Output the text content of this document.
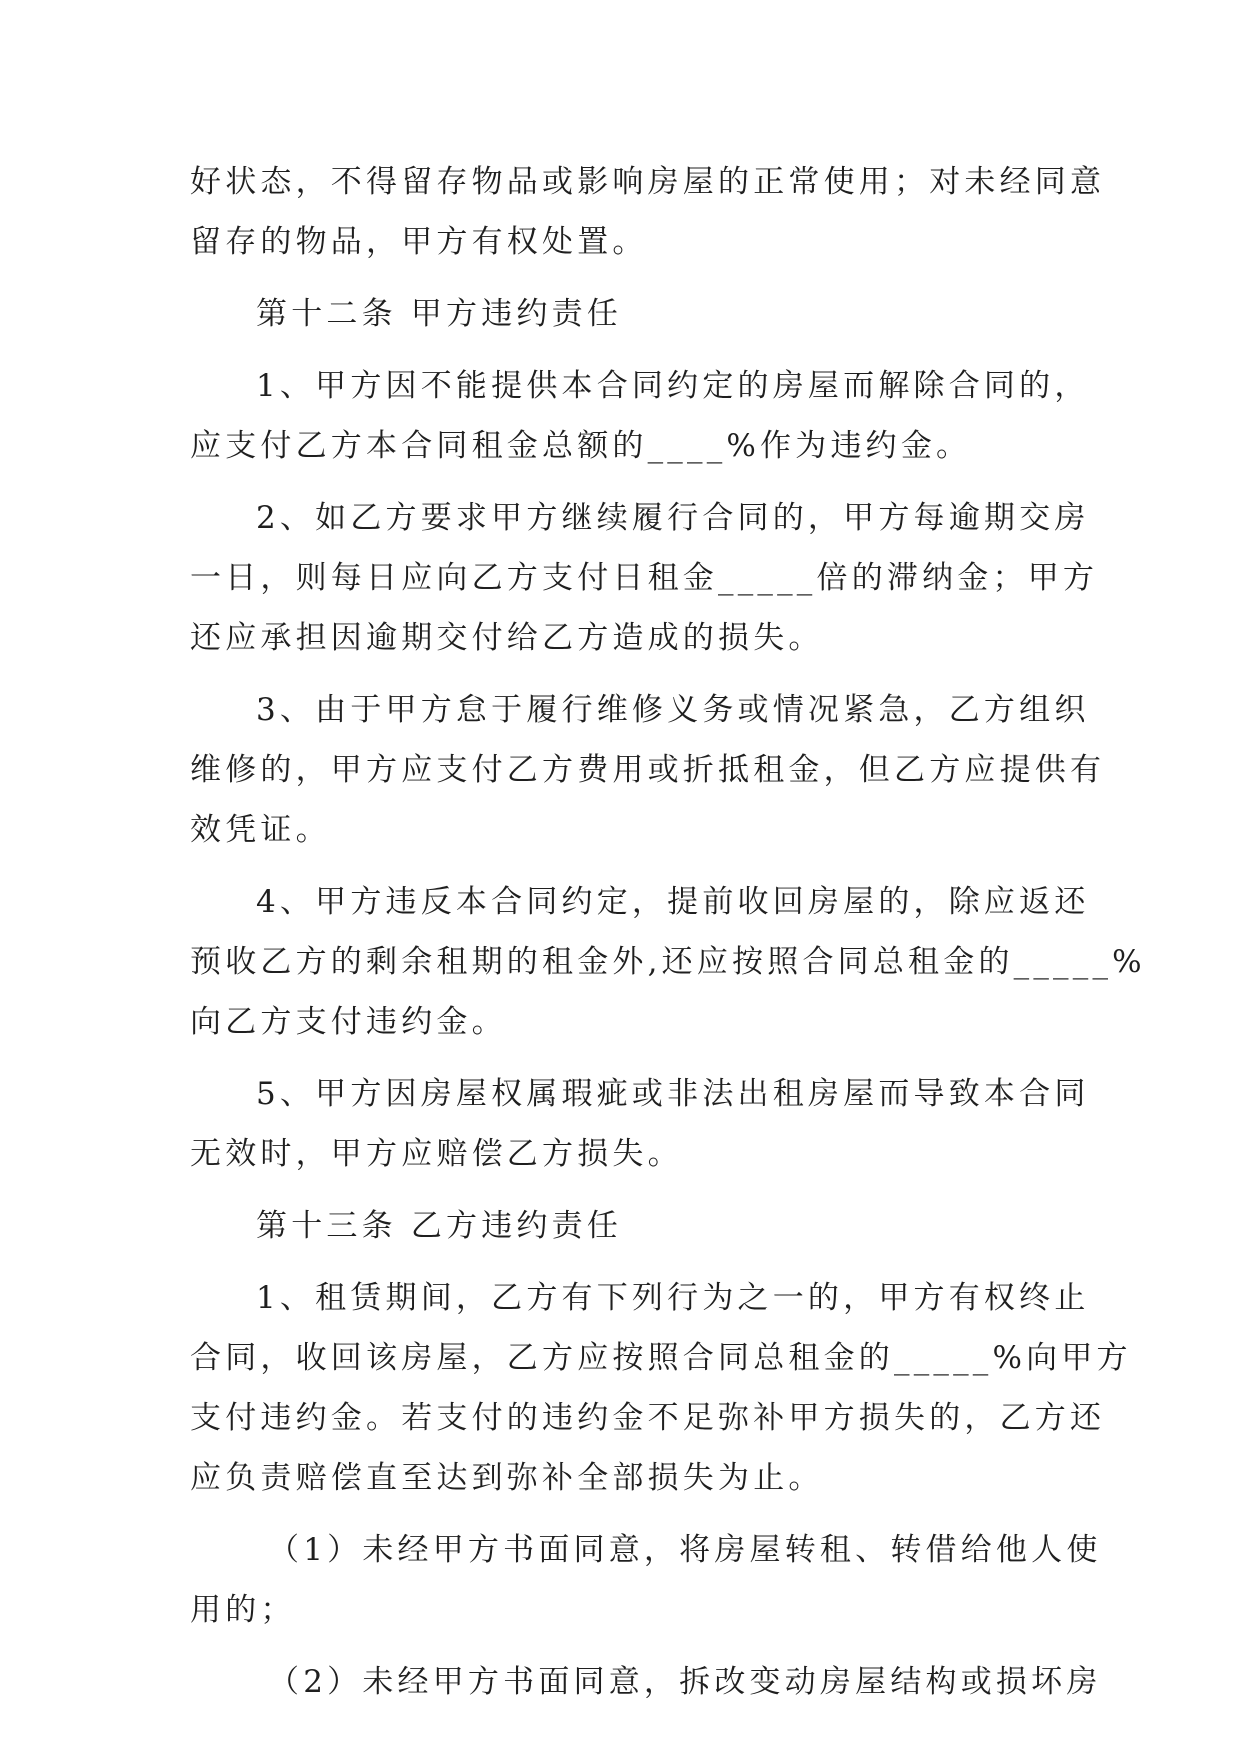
好状态，不得留存物品或影响房屋的正常使用；对未经同意
留存的物品，甲方有权处置。
第十二条 甲方违约责任
1、甲方因不能提供本合同约定的房屋而解除合同的，
应支付乙方本合同租金总额的____%作为违约金。
2、如乙方要求甲方继续履行合同的，甲方每逾期交房
一日，则每日应向乙方支付日租金_____倍的滞纳金；甲方
还应承担因逾期交付给乙方造成的损失。
3、由于甲方怠于履行维修义务或情况紧急，乙方组织
维修的，甲方应支付乙方费用或折抵租金，但乙方应提供有
效凭证。
4、甲方违反本合同约定，提前收回房屋的，除应返还
预收乙方的剩余租期的租金外,还应按照合同总租金的_____%
向乙方支付违约金。
5、甲方因房屋权属瑕疵或非法出租房屋而导致本合同
无效时，甲方应赔偿乙方损失。
第十三条 乙方违约责任
1、租赁期间，乙方有下列行为之一的，甲方有权终止
合同，收回该房屋，乙方应按照合同总租金的_____%向甲方
支付违约金。若支付的违约金不足弥补甲方损失的，乙方还
应负责赔偿直至达到弥补全部损失为止。
（1）未经甲方书面同意，将房屋转租、转借给他人使
用的；
（2）未经甲方书面同意，拆改变动房屋结构或损坏房
